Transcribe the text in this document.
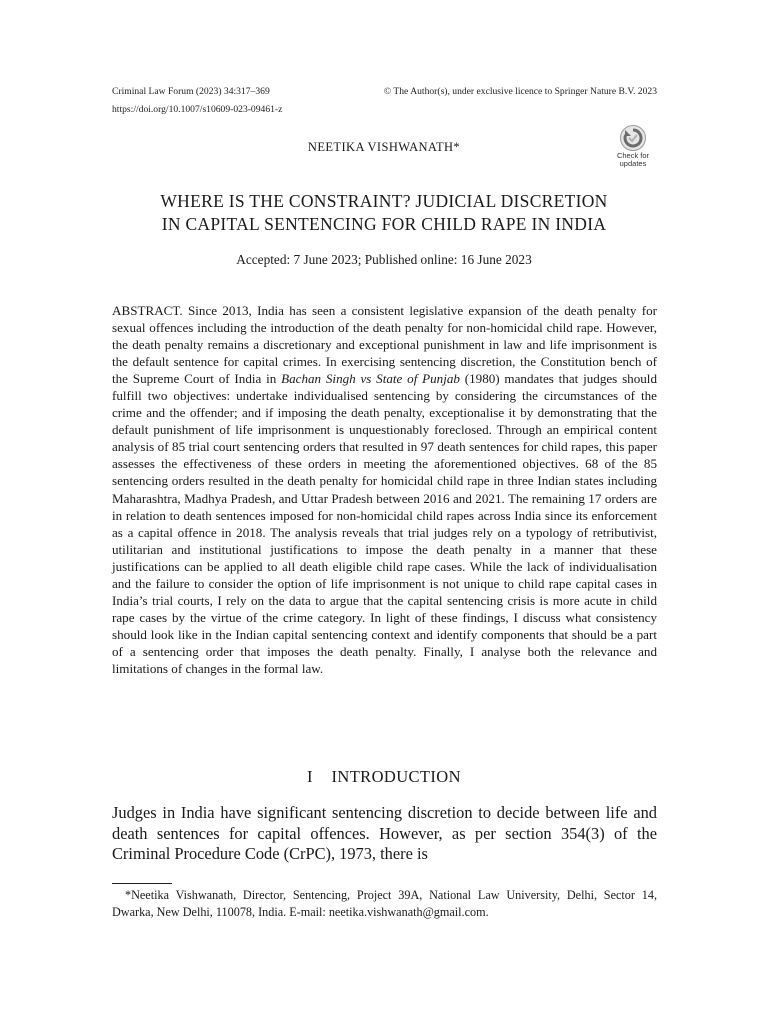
Criminal Law Forum (2023) 34:317–369	© The Author(s), under exclusive licence to Springer Nature B.V. 2023
https://doi.org/10.1007/s10609-023-09461-z
NEETIKA VISHWANATH*
Check for
updates
WHERE IS THE CONSTRAINT? JUDICIAL DISCRETION
IN CAPITAL SENTENCING FOR CHILD RAPE IN INDIA
Accepted: 7 June 2023; Published online: 16 June 2023

ABSTRACT. Since 2013, India has seen a consistent legislative expansion of the death penalty for sexual offences including the introduction of the death penalty for non-homicidal child rape. However, the death penalty remains a discretionary and exceptional punishment in law and life imprisonment is the default sentence for capital crimes. In exercising sentencing discretion, the Constitution bench of the Supreme Court of India in Bachan Singh vs State of Punjab (1980) mandates that judges should fulfill two objectives: undertake individualised sentencing by considering the circumstances of the crime and the offender; and if imposing the death penalty, exceptionalise it by demonstrating that the default punishment of life imprisonment is unquestionably foreclosed. Through an empirical content analysis of 85 trial court sentencing orders that resulted in 97 death sentences for child rapes, this paper assesses the effectiveness of these orders in meeting the aforementioned objectives. 68 of the 85 sentencing orders resulted in the death penalty for homicidal child rape in three Indian states including Maharashtra, Madhya Pradesh, and Uttar Pradesh between 2016 and 2021. The remaining 17 orders are in relation to death sentences imposed for non-homicidal child rapes across India since its enforcement as a capital offence in 2018. The analysis reveals that trial judges rely on a typology of retributivist, utilitarian and institutional justifications to impose the death penalty in a manner that these justifications can be applied to all death eligible child rape cases. While the lack of individualisation and the failure to consider the option of life imprisonment is not unique to child rape capital cases in India’s trial courts, I rely on the data to argue that the capital sentencing crisis is more acute in child rape cases by the virtue of the crime category. In light of these findings, I discuss what consistency should look like in the Indian capital sentencing context and identify components that should be a part of a sentencing order that imposes the death penalty. Finally, I analyse both the relevance and limitations of changes in the formal law.

I INTRODUCTION

Judges in India have significant sentencing discretion to decide between life and death sentences for capital offences. However, as per section 354(3) of the Criminal Procedure Code (CrPC), 1973, there is

*Neetika Vishwanath, Director, Sentencing, Project 39A, National Law University, Delhi, Sector 14, Dwarka, New Delhi, 110078, India. E-mail: neetika.vishwanath@gmail.com.
